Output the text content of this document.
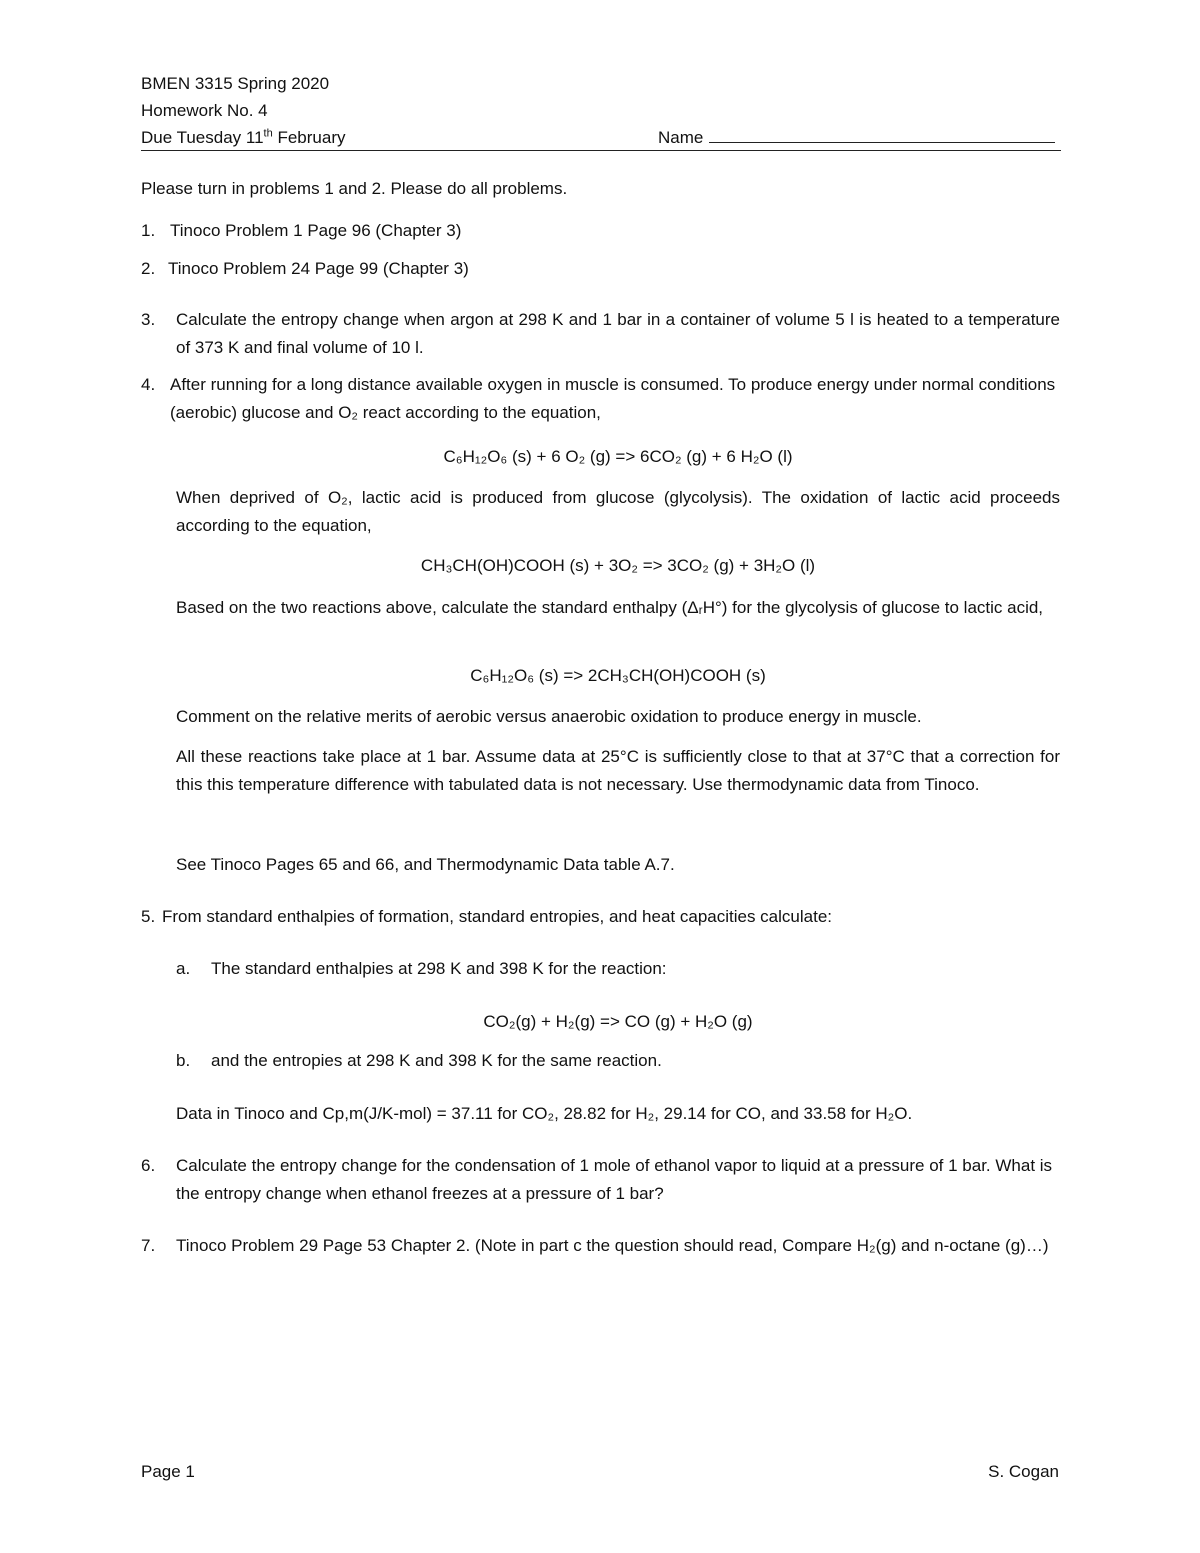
BMEN 3315 Spring 2020
Homework No. 4
Due Tuesday 11th February	Name
Please turn in problems 1 and 2. Please do all problems.
1. Tinoco Problem 1 Page 96 (Chapter 3)
2. Tinoco Problem 24 Page 99 (Chapter 3)
3. Calculate the entropy change when argon at 298 K and 1 bar in a container of volume 5 l is heated to a temperature of 373 K and final volume of 10 l.
4. After running for a long distance available oxygen in muscle is consumed. To produce energy under normal conditions (aerobic) glucose and O₂ react according to the equation,
C₆H₁₂O₆ (s) + 6 O₂ (g) => 6CO₂ (g) + 6 H₂O (l)
When deprived of O₂, lactic acid is produced from glucose (glycolysis). The oxidation of lactic acid proceeds according to the equation,
CH₃CH(OH)COOH (s) + 3O₂ => 3CO₂ (g) + 3H₂O (l)
Based on the two reactions above, calculate the standard enthalpy (ΔᵣH°) for the glycolysis of glucose to lactic acid,
C₆H₁₂O₆ (s) => 2CH₃CH(OH)COOH (s)
Comment on the relative merits of aerobic versus anaerobic oxidation to produce energy in muscle.
All these reactions take place at 1 bar. Assume data at 25°C is sufficiently close to that at 37°C that a correction for this this temperature difference with tabulated data is not necessary. Use thermodynamic data from Tinoco.
See Tinoco Pages 65 and 66, and Thermodynamic Data table A.7.
5. From standard enthalpies of formation, standard entropies, and heat capacities calculate:
a. The standard enthalpies at 298 K and 398 K for the reaction:
CO₂(g) + H₂(g) => CO (g) + H₂O (g)
b. and the entropies at 298 K and 398 K for the same reaction.
Data in Tinoco and Cp,m(J/K-mol) = 37.11 for CO₂, 28.82 for H₂, 29.14 for CO, and 33.58 for H₂O.
6. Calculate the entropy change for the condensation of 1 mole of ethanol vapor to liquid at a pressure of 1 bar. What is the entropy change when ethanol freezes at a pressure of 1 bar?
7. Tinoco Problem 29 Page 53 Chapter 2. (Note in part c the question should read, Compare H₂(g) and n-octane (g)…)
Page 1	S. Cogan
